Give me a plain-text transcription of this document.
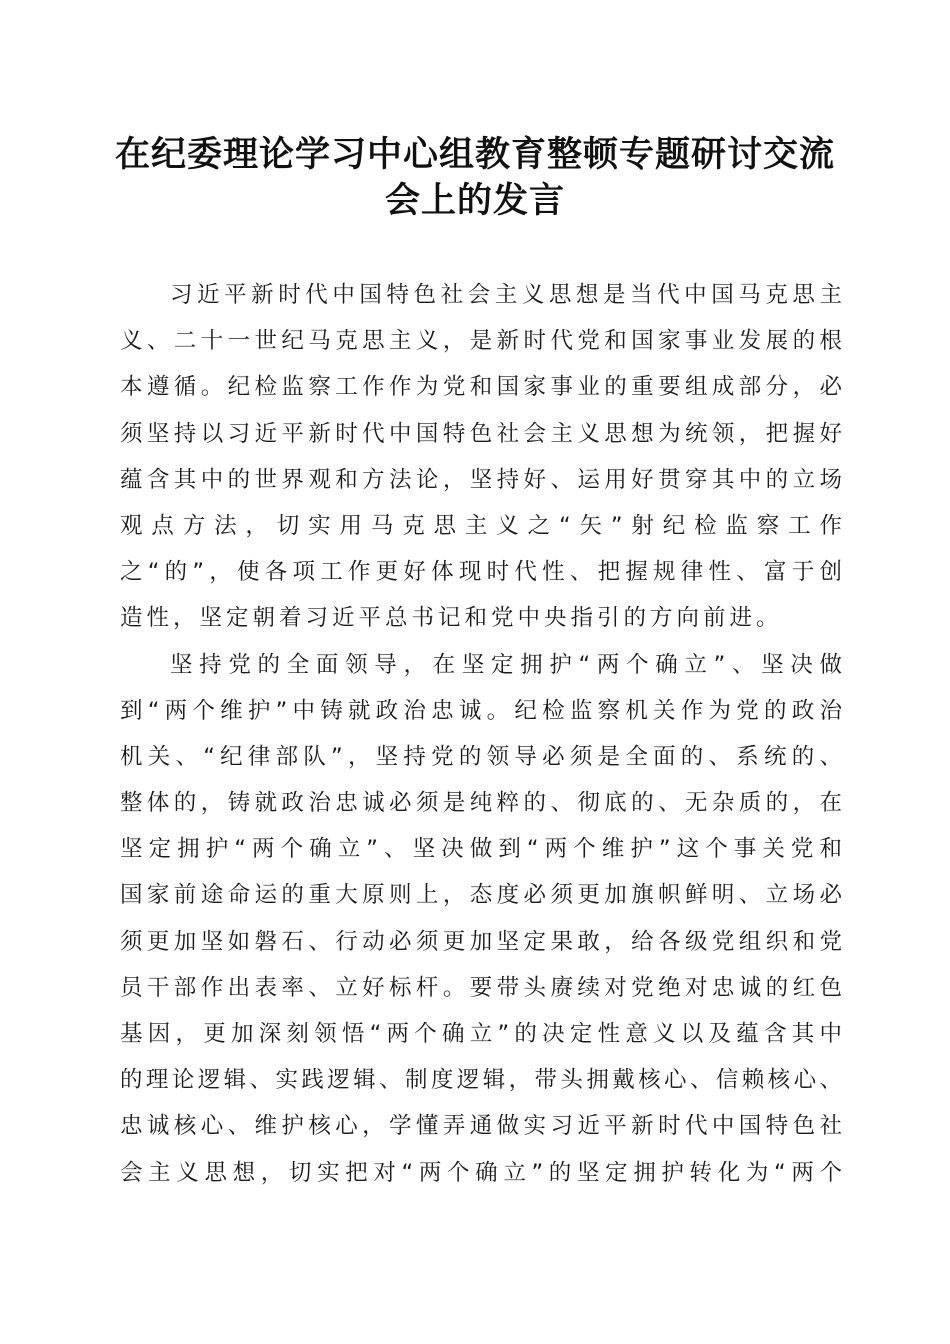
在纪委理论学习中心组教育整顿专题研讨交流
会上的发言
习近平新时代中国特色社会主义思想是当代中国马克思主
义、二十一世纪马克思主义，是新时代党和国家事业发展的根
本遵循。纪检监察工作作为党和国家事业的重要组成部分，必
须坚持以习近平新时代中国特色社会主义思想为统领，把握好
蕴含其中的世界观和方法论，坚持好、运用好贯穿其中的立场
观点方法，切实用马克思主义之“矢”射纪检监察工作
之“的”，使各项工作更好体现时代性、把握规律性、富于创
造性，坚定朝着习近平总书记和党中央指引的方向前进。
坚持党的全面领导，在坚定拥护“两个确立”、坚决做
到“两个维护”中铸就政治忠诚。纪检监察机关作为党的政治
机关、“纪律部队”，坚持党的领导必须是全面的、系统的、
整体的，铸就政治忠诚必须是纯粹的、彻底的、无杂质的，在
坚定拥护“两个确立”、坚决做到“两个维护”这个事关党和
国家前途命运的重大原则上，态度必须更加旗帜鲜明、立场必
须更加坚如磐石、行动必须更加坚定果敢，给各级党组织和党
员干部作出表率、立好标杆。要带头赓续对党绝对忠诚的红色
基因，更加深刻领悟“两个确立”的决定性意义以及蕴含其中
的理论逻辑、实践逻辑、制度逻辑，带头拥戴核心、信赖核心、
忠诚核心、维护核心，学懂弄通做实习近平新时代中国特色社
会主义思想，切实把对“两个确立”的坚定拥护转化为“两个
